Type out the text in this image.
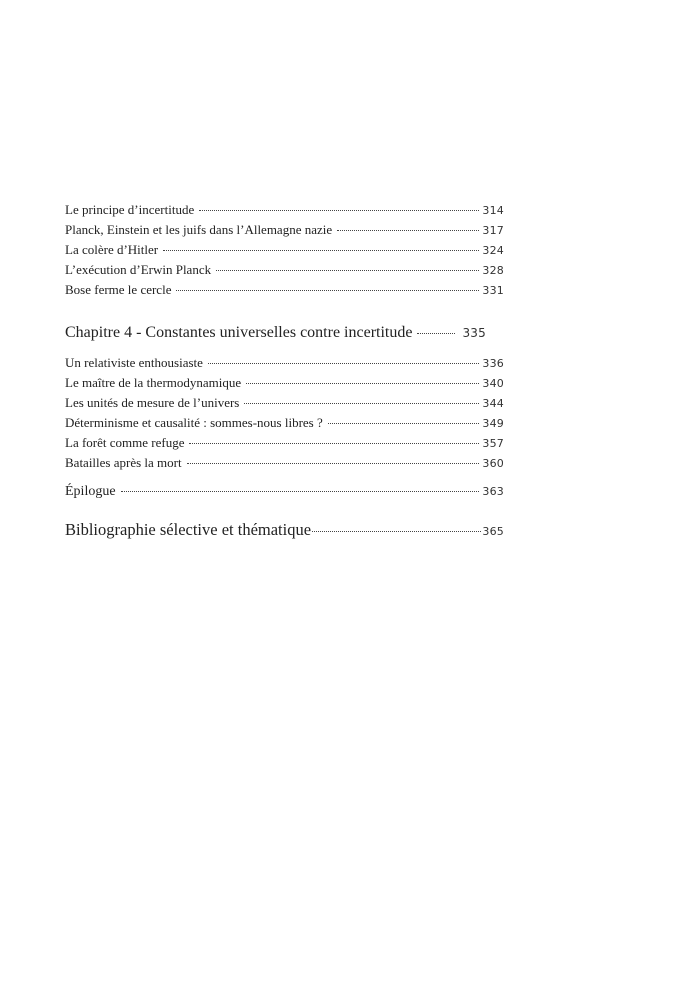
Le principe d’incertitude	314
Planck, Einstein et les juifs dans l’Allemagne nazie	317
La colère d’Hitler	324
L’exécution d’Erwin Planck	328
Bose ferme le cercle	331
Chapitre 4 - Constantes universelles contre incertitude	335
Un relativiste enthousiaste	336
Le maître de la thermodynamique	340
Les unités de mesure de l’univers	344
Déterminisme et causalité : sommes-nous libres ?	349
La forêt comme refuge	357
Batailles après la mort	360
Épilogue	363
Bibliographie sélective et thématique	365
